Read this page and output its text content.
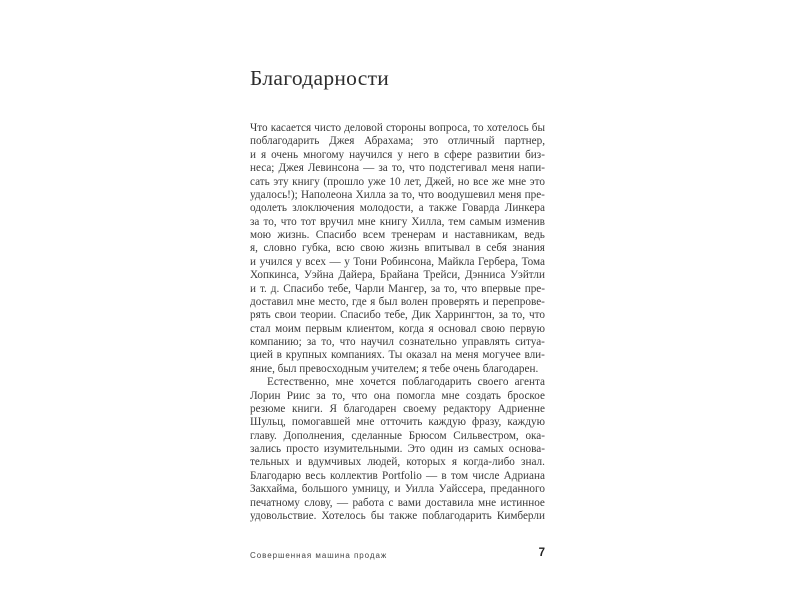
Благодарности
Что касается чисто деловой стороны вопроса, то хотелось бы
поблагодарить Джея Абрахама; это отличный партнер,
и я очень многому научился у него в сфере развитии биз-
неса; Джея Левинсона — за то, что подстегивал меня напи-
сать эту книгу (прошло уже 10 лет, Джей, но все же мне это
удалось!); Наполеона Хилла за то, что воодушевил меня пре-
одолеть злоключения молодости, а также Говарда Линкера
за то, что тот вручил мне книгу Хилла, тем самым изменив
мою жизнь. Спасибо всем тренерам и наставникам, ведь
я, словно губка, всю свою жизнь впитывал в себя знания
и учился у всех — у Тони Робинсона, Майкла Гербера, Тома
Хопкинса, Уэйна Дайера, Брайана Трейси, Дэнниса Уэйтли
и т. д. Спасибо тебе, Чарли Мангер, за то, что впервые пре-
доставил мне место, где я был волен проверять и перепрове-
рять свои теории. Спасибо тебе, Дик Харрингтон, за то, что
стал моим первым клиентом, когда я основал свою первую
компанию; за то, что научил сознательно управлять ситуа-
цией в крупных компаниях. Ты оказал на меня могучее вли-
яние, был превосходным учителем; я тебе очень благодарен.
Естественно, мне хочется поблагодарить своего агента
Лорин Риис за то, что она помогла мне создать броское
резюме книги. Я благодарен своему редактору Адриенне
Шульц, помогавшей мне отточить каждую фразу, каждую
главу. Дополнения, сделанные Брюсом Сильвестром, ока-
зались просто изумительными. Это один из самых основа-
тельных и вдумчивых людей, которых я когда-либо знал.
Благодарю весь коллектив Portfolio — в том числе Адриана
Закхайма, большого умницу, и Уилла Уайссера, преданного
печатному слову, — работа с вами доставила мне истинное
удовольствие. Хотелось бы также поблагодарить Кимберли
Совершенная машина продаж	7
